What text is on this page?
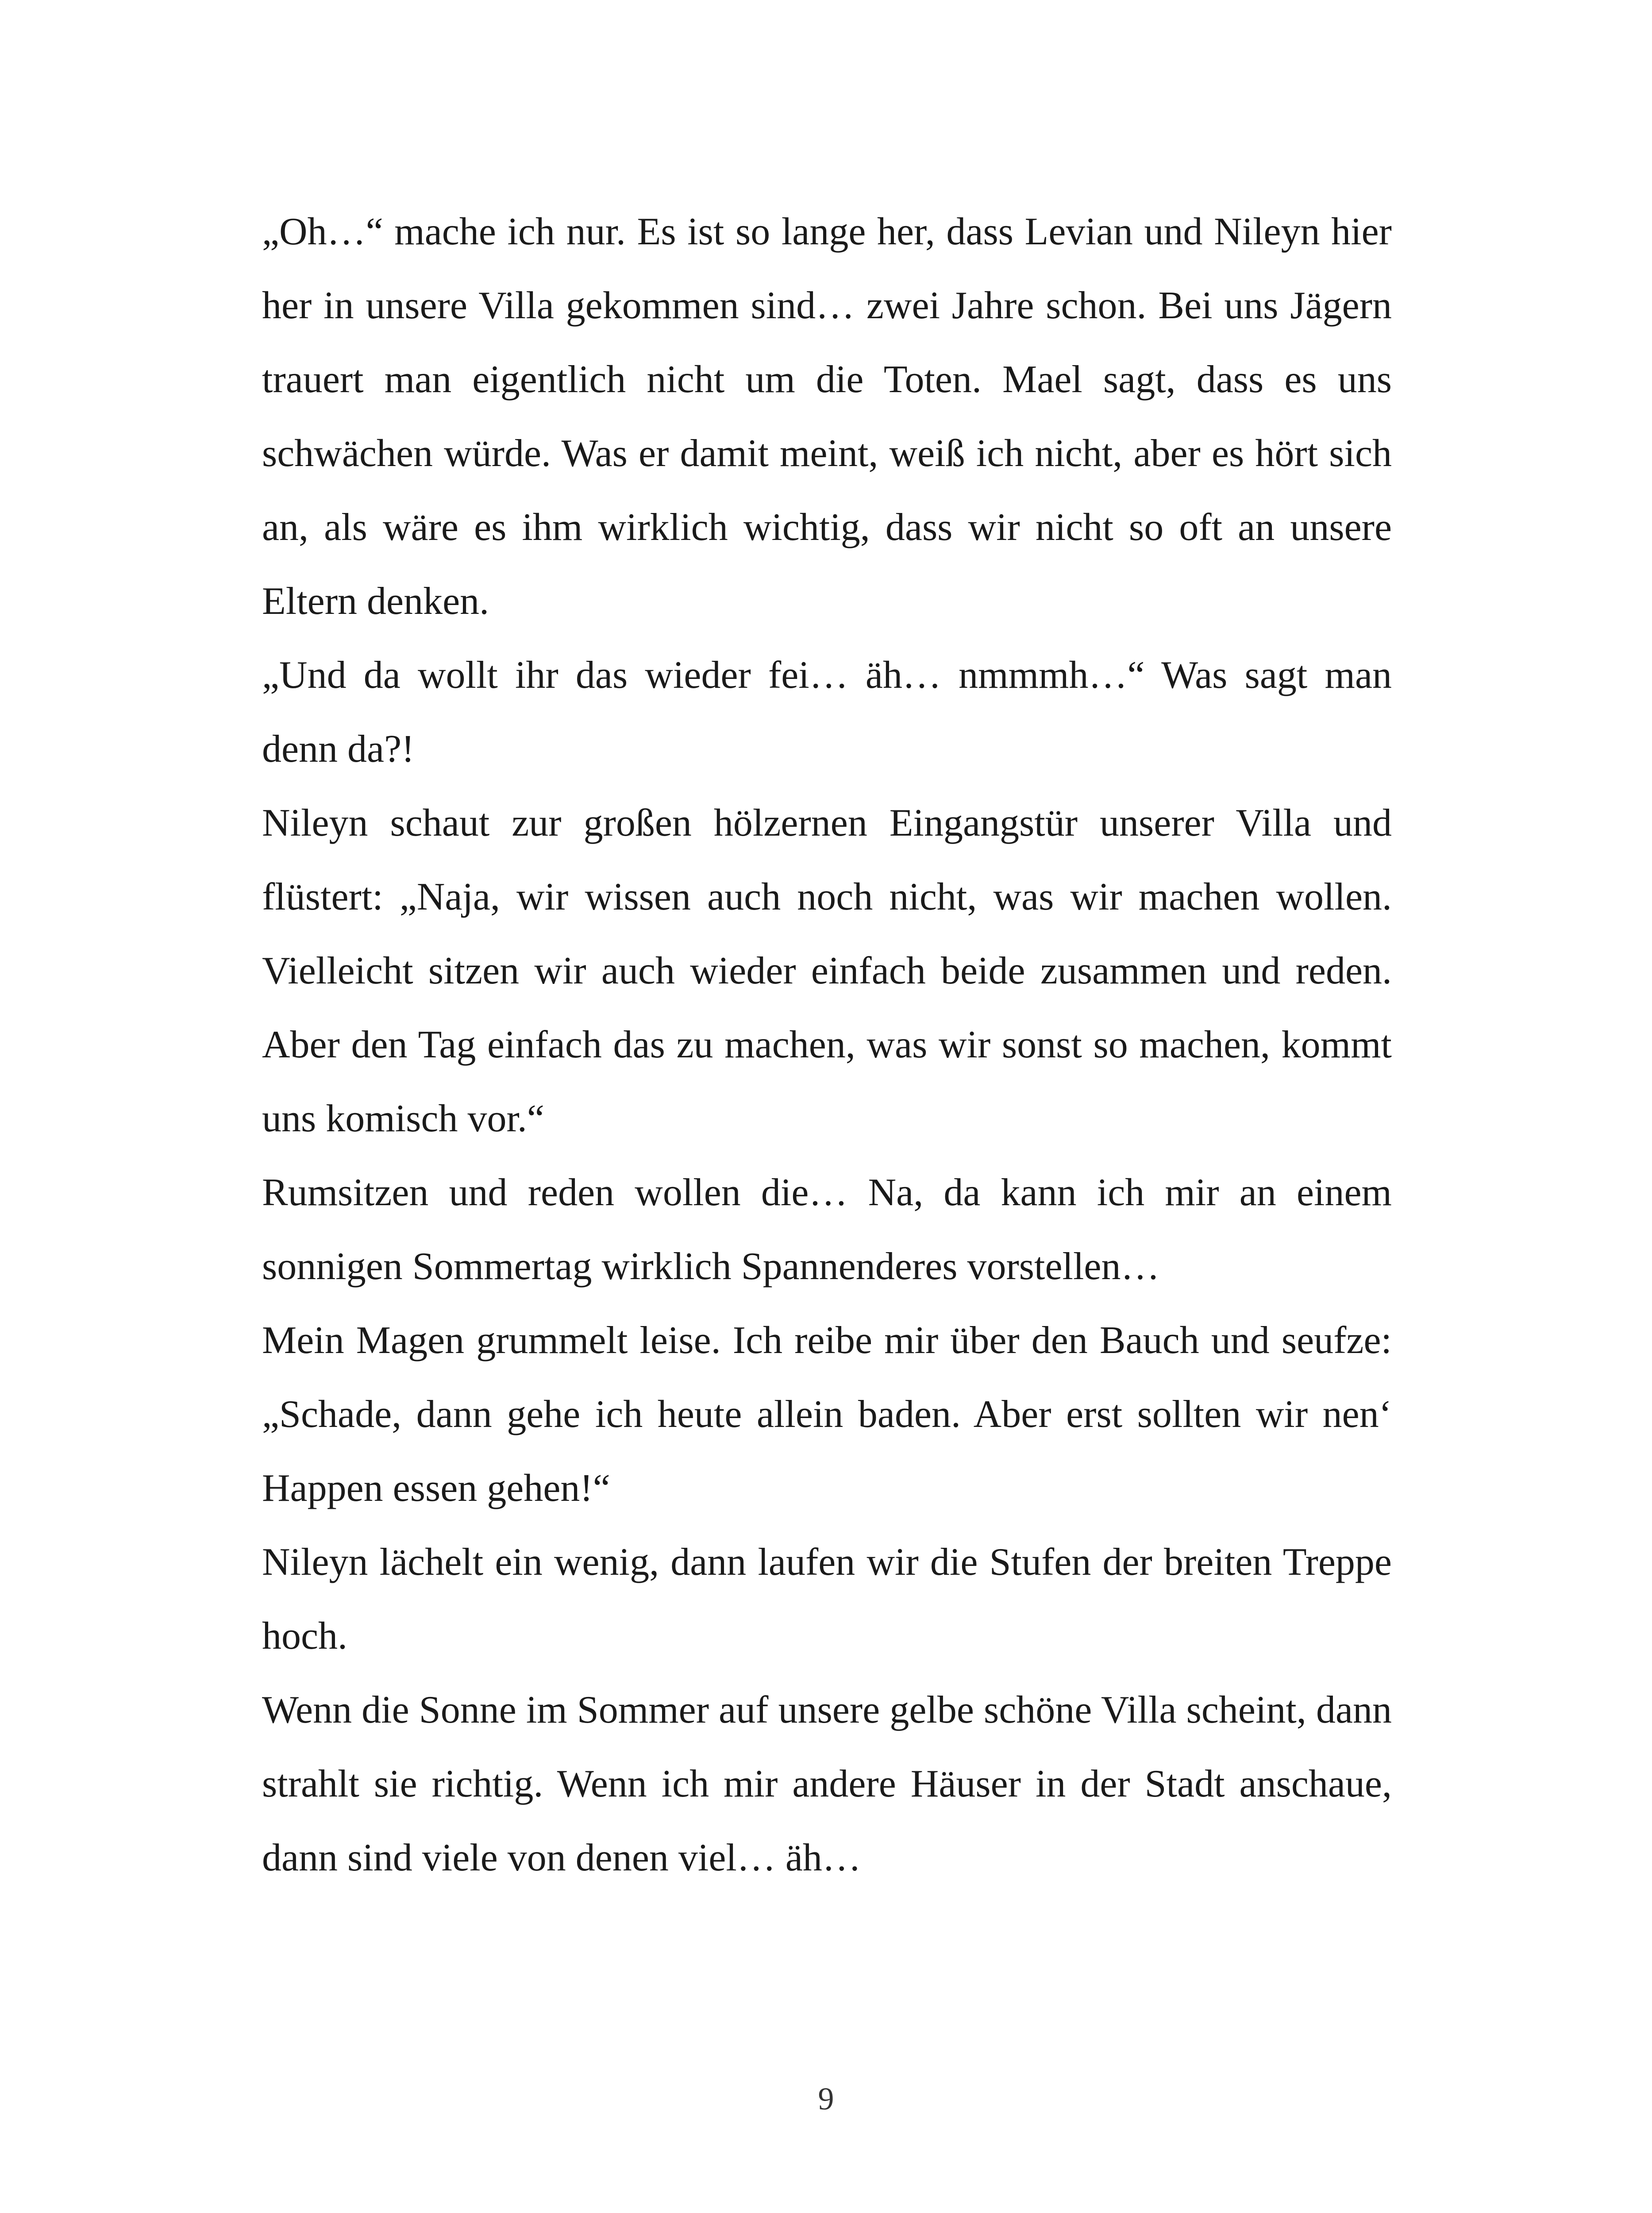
„Oh…“ mache ich nur. Es ist so lange her, dass Levian und Nileyn hier her in unsere Villa gekommen sind… zwei Jahre schon. Bei uns Jägern trauert man eigentlich nicht um die Toten. Mael sagt, dass es uns schwächen würde. Was er damit meint, weiß ich nicht, aber es hört sich an, als wäre es ihm wirklich wichtig, dass wir nicht so oft an unsere Eltern denken.

„Und da wollt ihr das wieder fei… äh… nmmmh…“ Was sagt man denn da?!

Nileyn schaut zur großen hölzernen Eingangstür unserer Villa und flüstert: „Naja, wir wissen auch noch nicht, was wir machen wollen. Vielleicht sitzen wir auch wieder einfach beide zusammen und reden. Aber den Tag einfach das zu machen, was wir sonst so machen, kommt uns komisch vor.“

Rumsitzen und reden wollen die… Na, da kann ich mir an einem sonnigen Sommertag wirklich Spannenderes vorstellen…

Mein Magen grummelt leise. Ich reibe mir über den Bauch und seufze: „Schade, dann gehe ich heute allein baden. Aber erst sollten wir nen‘ Happen essen gehen!“

Nileyn lächelt ein wenig, dann laufen wir die Stufen der breiten Treppe hoch.

Wenn die Sonne im Sommer auf unsere gelbe schöne Villa scheint, dann strahlt sie richtig. Wenn ich mir andere Häuser in der Stadt anschaue, dann sind viele von denen viel… äh…

9
